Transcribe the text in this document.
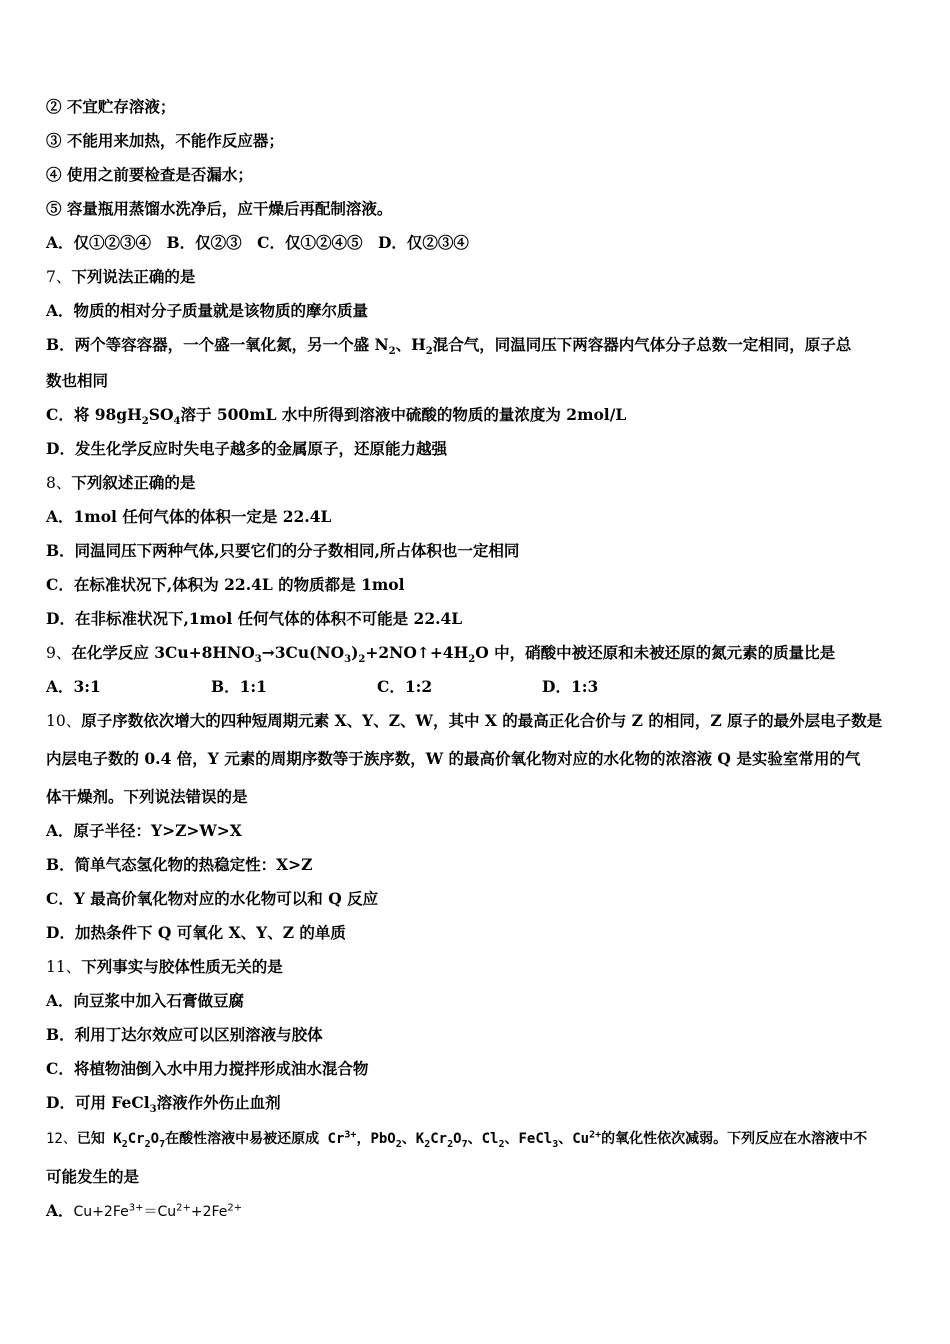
② 不宜贮存溶液；
③ 不能用来加热，不能作反应器；
④ 使用之前要检查是否漏水；
⑤ 容量瓶用蒸馏水洗净后，应干燥后再配制溶液。
A．仅①②③④　B．仅②③　C．仅①②④⑤　D．仅②③④
7、下列说法正确的是
A．物质的相对分子质量就是该物质的摩尔质量
B．两个等容容器，一个盛一氧化氮，另一个盛 $N_2$、$H_2$混合气，同温同压下两容器内气体分子总数一定相同，原子总
数也相同
C．将 $98gH_2SO_4$溶于 500mL 水中所得到溶液中硫酸的物质的量浓度为 2mol/L
D．发生化学反应时失电子越多的金属原子，还原能力越强
8、下列叙述正确的是
A．1mol 任何气体的体积一定是 22.4L
B．同温同压下两种气体,只要它们的分子数相同,所占体积也一定相同
C．在标准状况下,体积为 22.4L 的物质都是 1mol
D．在非标准状况下,1mol 任何气体的体积不可能是 22.4L
9、在化学反应 $3Cu+8HNO_3\to 3Cu(NO_3)_2+2NO↑+4H_2O$ 中，硝酸中被还原和未被还原的氮元素的质量比是
A．3:1	B．1:1	C．1:2	D．1:3
10、原子序数依次增大的四种短周期元素 X、Y、Z、W，其中 X 的最高正化合价与 Z 的相同，Z 原子的最外层电子数是
内层电子数的 0.4 倍，Y 元素的周期序数等于族序数，W 的最高价氧化物对应的水化物的浓溶液 Q 是实验室常用的气
体干燥剂。下列说法错误的是
A．原子半径：Y>Z>W>X
B．简单气态氢化物的热稳定性：X>Z
C．Y 最高价氧化物对应的水化物可以和 Q 反应
D．加热条件下 Q 可氧化 X、Y、Z 的单质
11、下列事实与胶体性质无关的是
A．向豆浆中加入石膏做豆腐
B．利用丁达尔效应可以区别溶液与胶体
C．将植物油倒入水中用力搅拌形成油水混合物
D．可用 FeCl$_3$溶液作外伤止血剂
12、已知 $K_2Cr_2O_7$在酸性溶液中易被还原成 $Cr^{3+}$，PbO$_2$、$K_2Cr_2O_7$、$Cl_2$、FeCl$_3$、$Cu^{2+}$的氧化性依次减弱。下列反应在水溶液中不
可能发生的是
A．$Cu+2Fe^{3+}=Cu^{2+}+2Fe^{2+}$
